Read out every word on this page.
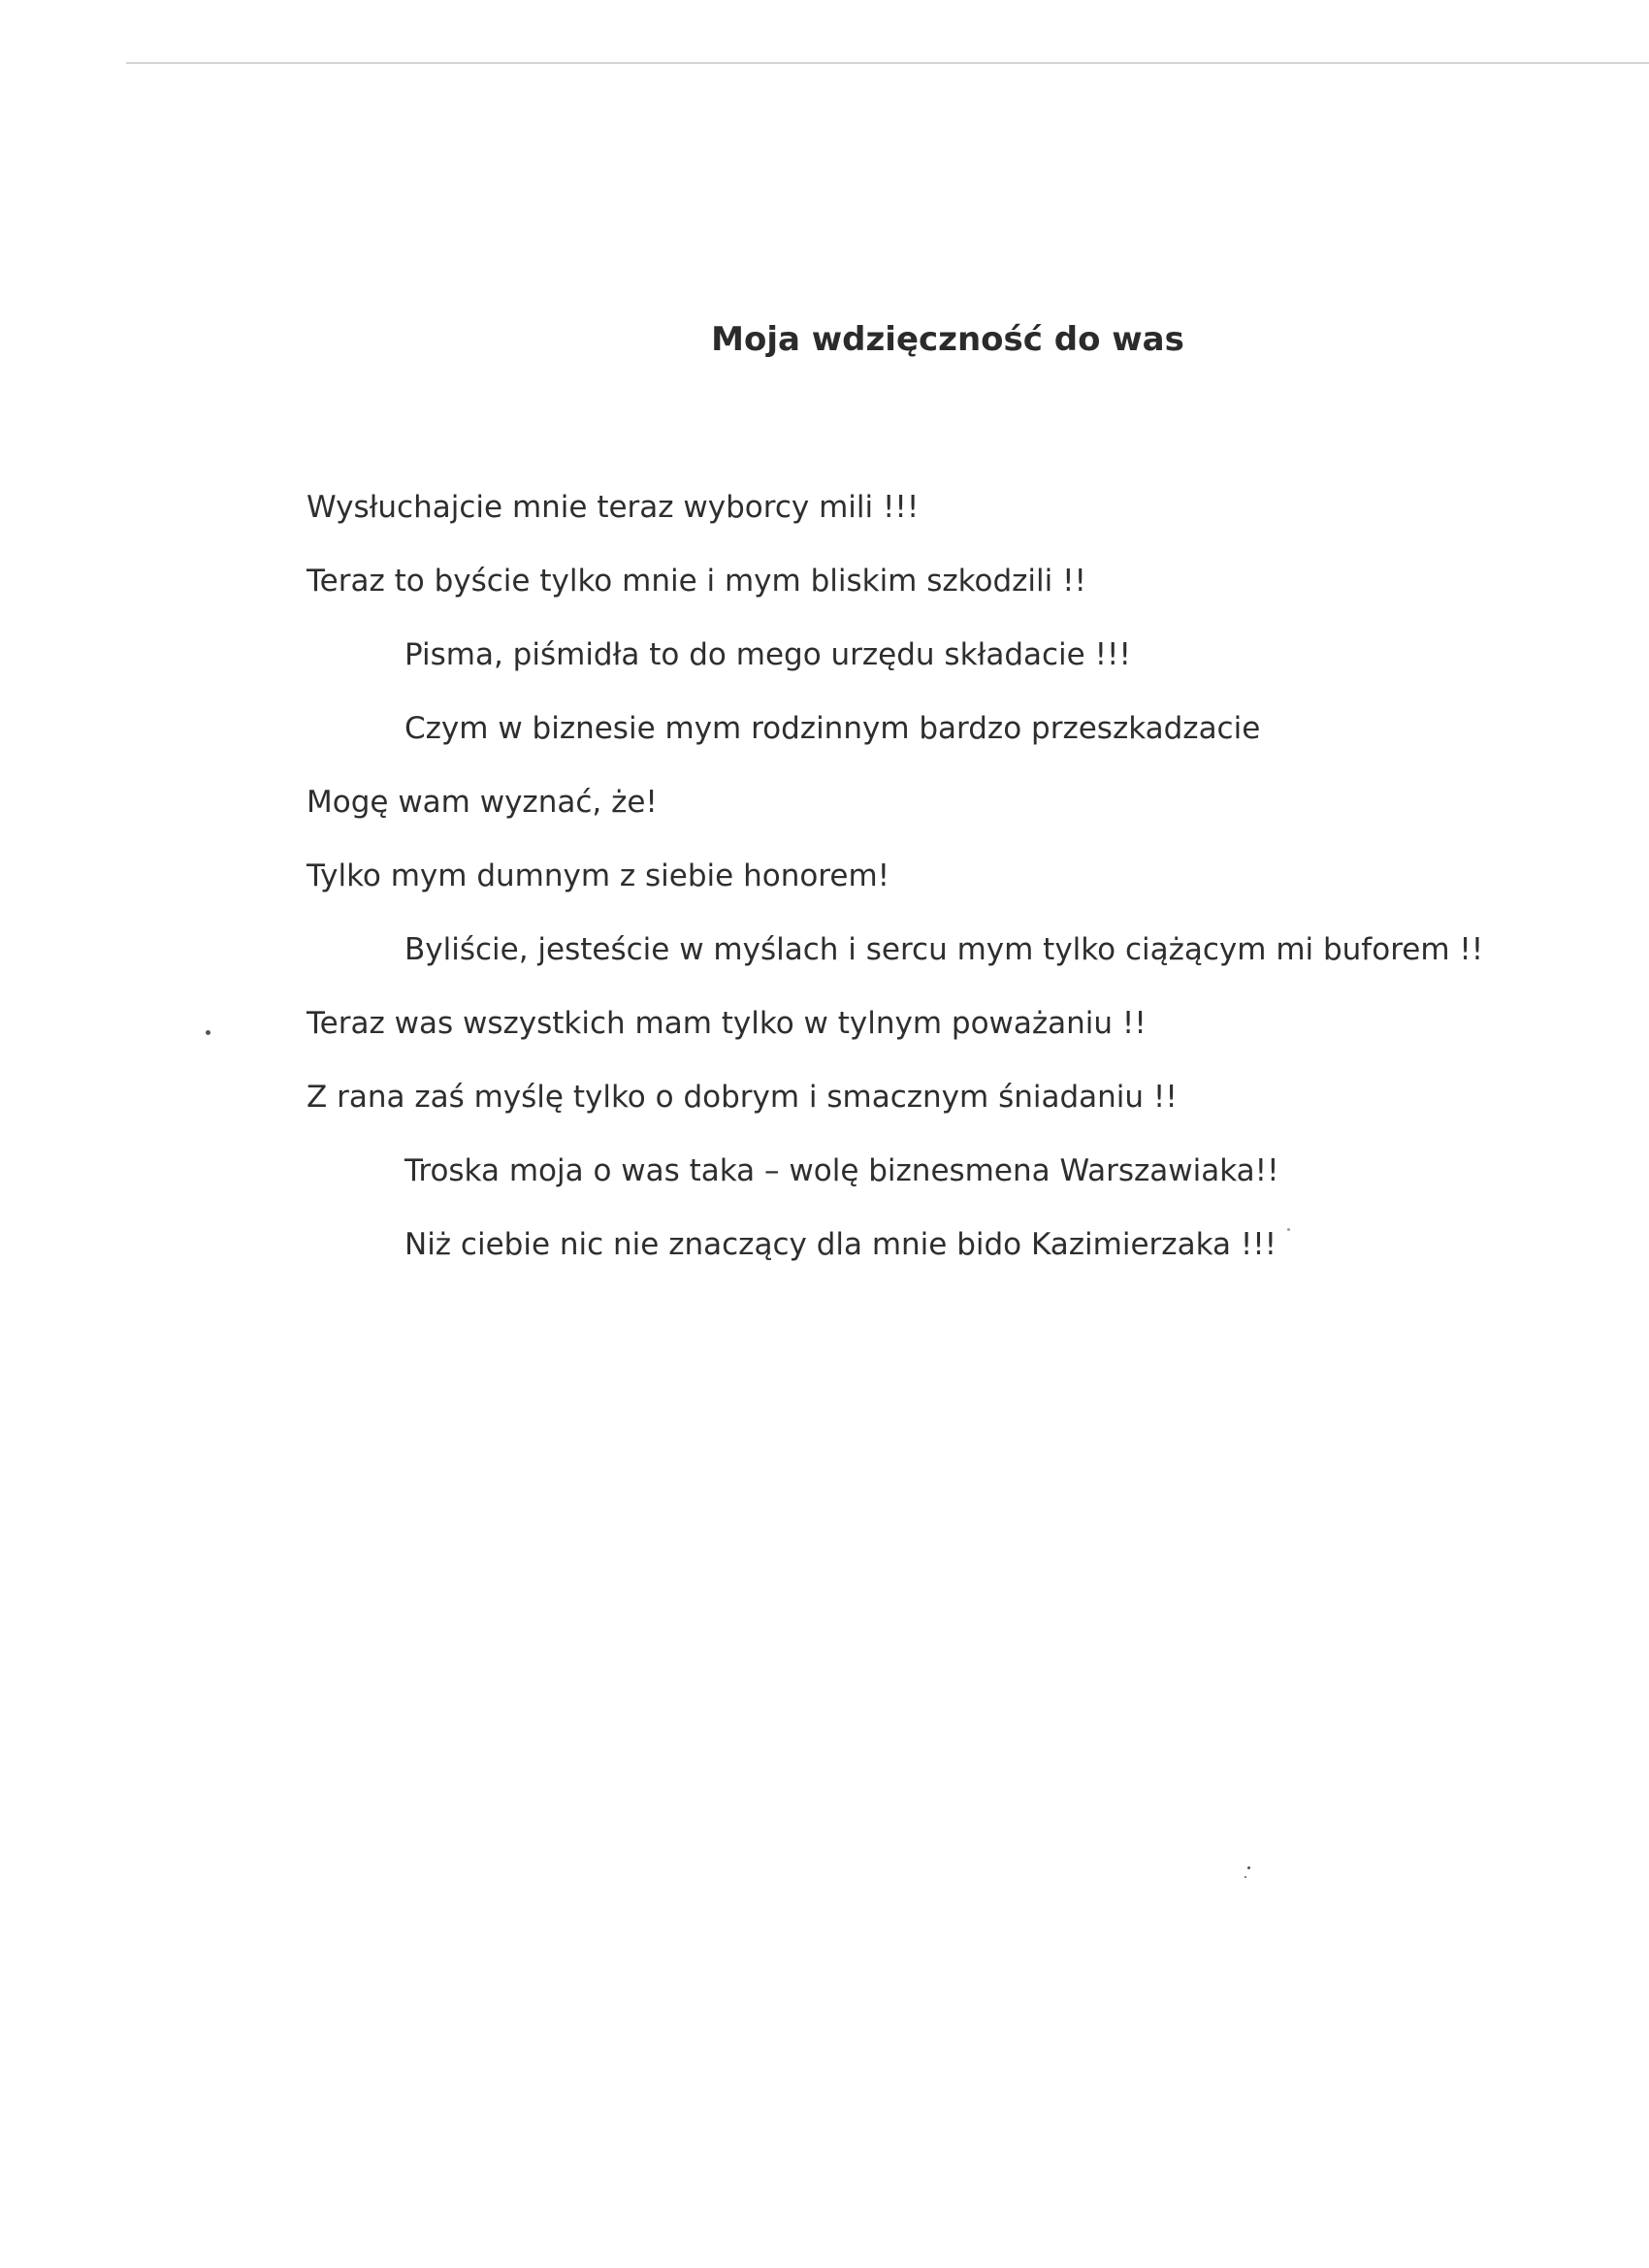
Moja wdzięczność do was
Wysłuchajcie mnie teraz wyborcy mili !!!
Teraz to byście tylko mnie i mym bliskim szkodzili !!
Pisma, piśmidła to do mego urzędu składacie !!!
Czym w biznesie mym rodzinnym bardzo przeszkadzacie
Mogę wam wyznać, że!
Tylko mym dumnym z siebie honorem!
Byliście, jesteście w myślach i sercu mym tylko ciążącym mi buforem !!
Teraz was wszystkich mam tylko w tylnym poważaniu !!
Z rana zaś myślę tylko o dobrym i smacznym śniadaniu !!
Troska moja o was taka – wolę biznesmena Warszawiaka!!
Niż ciebie nic nie znaczący dla mnie bido Kazimierzaka !!!
